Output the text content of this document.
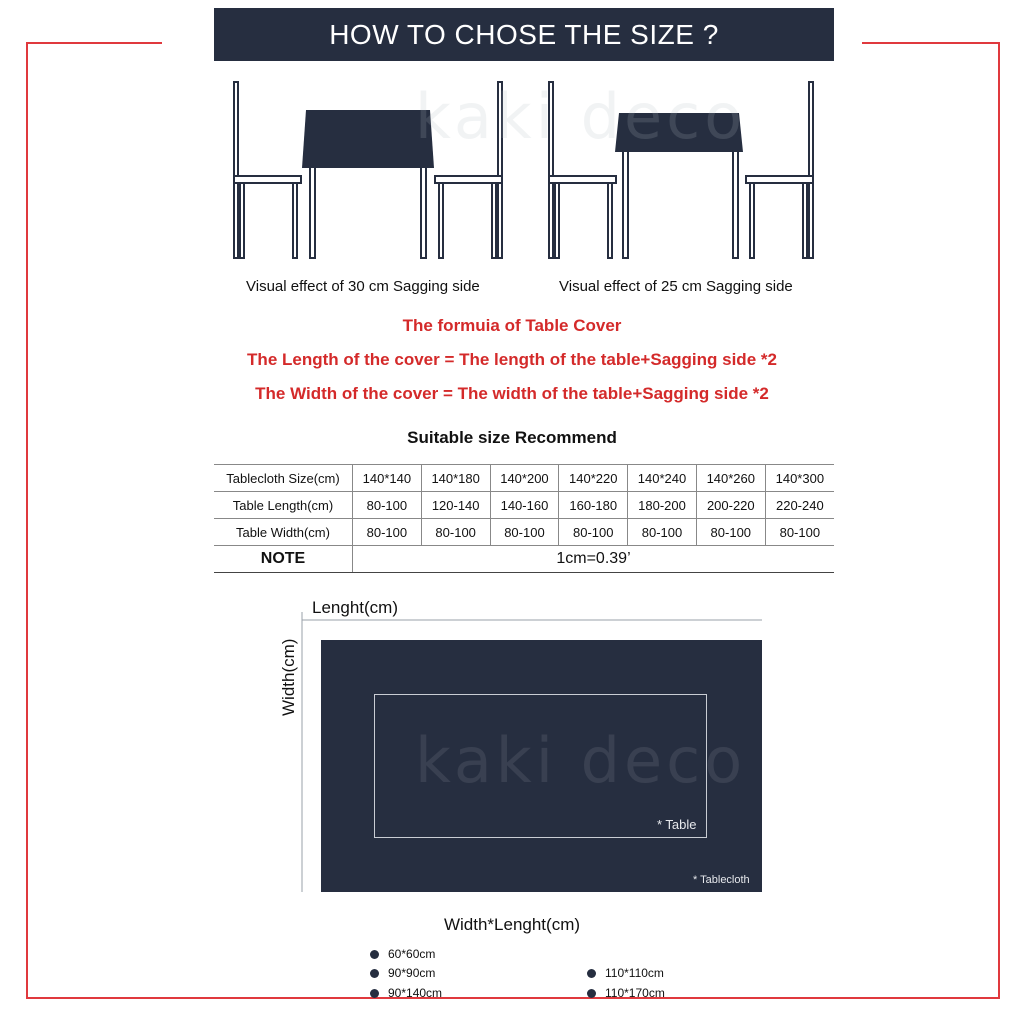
HOW TO CHOSE THE SIZE ?
Visual effect of 30 cm Sagging side	Visual effect of 25 cm Sagging side
kaki deco
The formuia of Table Cover
The Length of the cover = The length of the table+Sagging side *2
The Width of the cover = The width of the table+Sagging side *2
Suitable size Recommend
Tablecloth Size(cm)	140*140	140*180	140*200	140*220	140*240	140*260	140*300
Table Length(cm)	80-100	120-140	140-160	160-180	180-200	200-220	220-240
Table Width(cm)	80-100	80-100	80-100	80-100	80-100	80-100	80-100
NOTE	1cm=0.39’						
Lenght(cm)
Width(cm)
kaki deco
* Table
* Tablecloth
Width*Lenght(cm)
60*60cm
90*90cm
90*140cm
110*110cm
110*170cm
